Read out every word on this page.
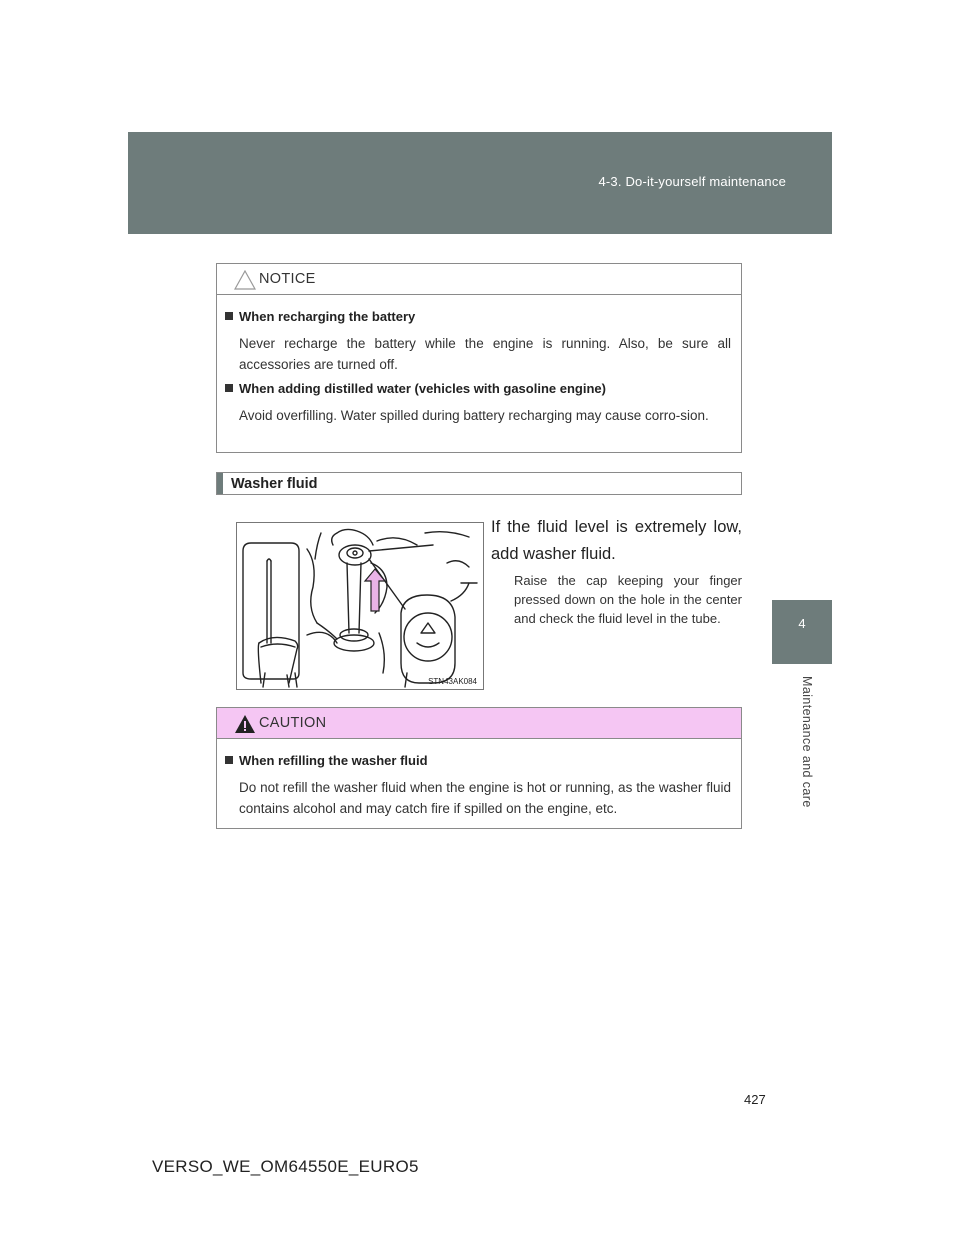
4-3. Do-it-yourself maintenance
4
Maintenance and care
NOTICE
When recharging the battery
Never recharge the battery while the engine is running. Also, be sure all accessories are turned off.
When adding distilled water (vehicles with gasoline engine)
Avoid overfilling. Water spilled during battery recharging may cause corro-sion.
Washer fluid
STN43AK084
If the fluid level is extremely low, add washer fluid.
Raise the cap keeping your finger pressed down on the hole in the center and check the fluid level in the tube.
CAUTION
When refilling the washer fluid
Do not refill the washer fluid when the engine is hot or running, as the washer fluid contains alcohol and may catch fire if spilled on the engine, etc.
427
VERSO_WE_OM64550E_EURO5
